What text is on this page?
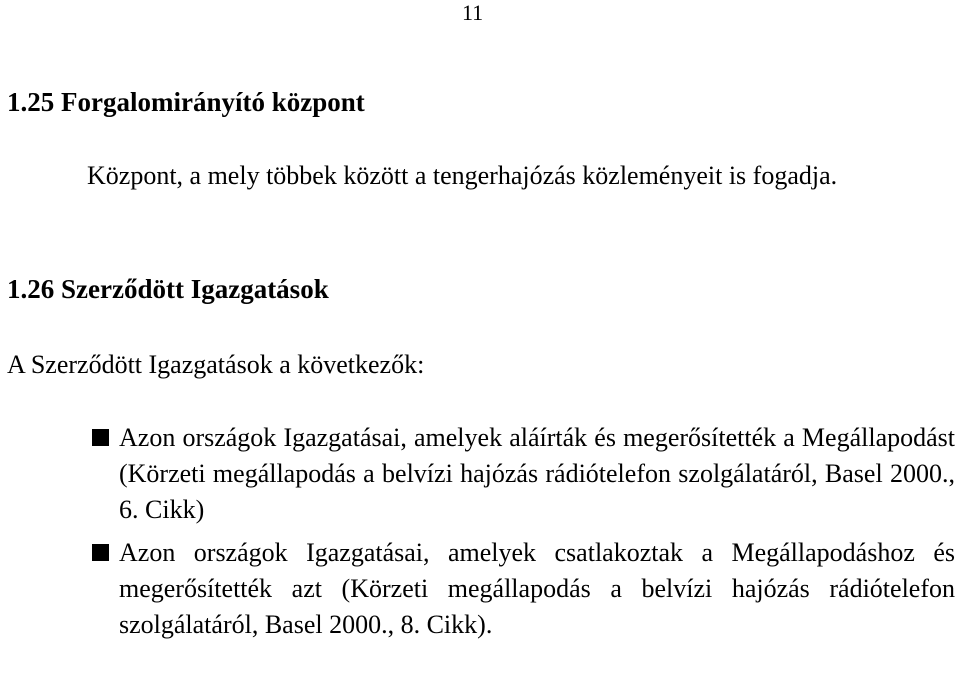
11
1.25 Forgalomirányító központ

Központ, a mely többek között a tengerhajózás közleményeit is fogadja.

1.26 Szerződött Igazgatások

A Szerződött Igazgatások a következők:

Azon országok Igazgatásai, amelyek aláírták és megerősítették a Megállapodást (Körzeti megállapodás a belvízi hajózás rádiótelefon szolgálatáról, Basel 2000., 6. Cikk)

Azon országok Igazgatásai, amelyek csatlakoztak a Megállapodáshoz és megerősítették azt (Körzeti megállapodás a belvízi hajózás rádiótelefon szolgálatáról, Basel 2000., 8. Cikk).
